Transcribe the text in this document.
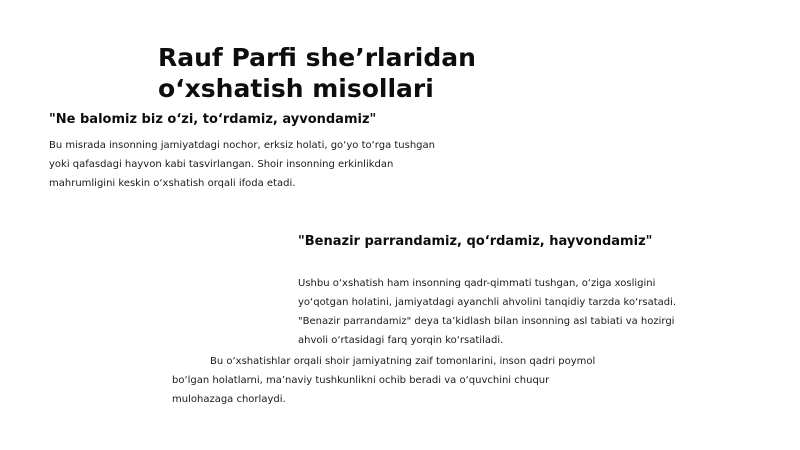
Rauf Parfi she’rlaridan o‘xshatish misollari
"Ne balomiz biz o‘zi, to‘rdamiz, ayvondamiz"

Bu misrada insonning jamiyatdagi nochor, erksiz holati, go‘yo to‘rga tushgan yoki qafasdagi hayvon kabi tasvirlangan. Shoir insonning erkinlikdan mahrumligini keskin o‘xshatish orqali ifoda etadi.

"Benazir parrandamiz, qo‘rdamiz, hayvondamiz"

Ushbu o‘xshatish ham insonning qadr-qimmati tushgan, o‘ziga xosligini yo‘qotgan holatini, jamiyatdagi ayanchli ahvolini tanqidiy tarzda ko‘rsatadi. "Benazir parrandamiz" deya ta’kidlash bilan insonning asl tabiati va hozirgi ahvoli o‘rtasidagi farq yorqin ko‘rsatiladi.

Bu o‘xshatishlar orqali shoir jamiyatning zaif tomonlarini, inson qadri poymol bo‘lgan holatlarni, ma’naviy tushkunlikni ochib beradi va o‘quvchini chuqur mulohazaga chorlaydi.
